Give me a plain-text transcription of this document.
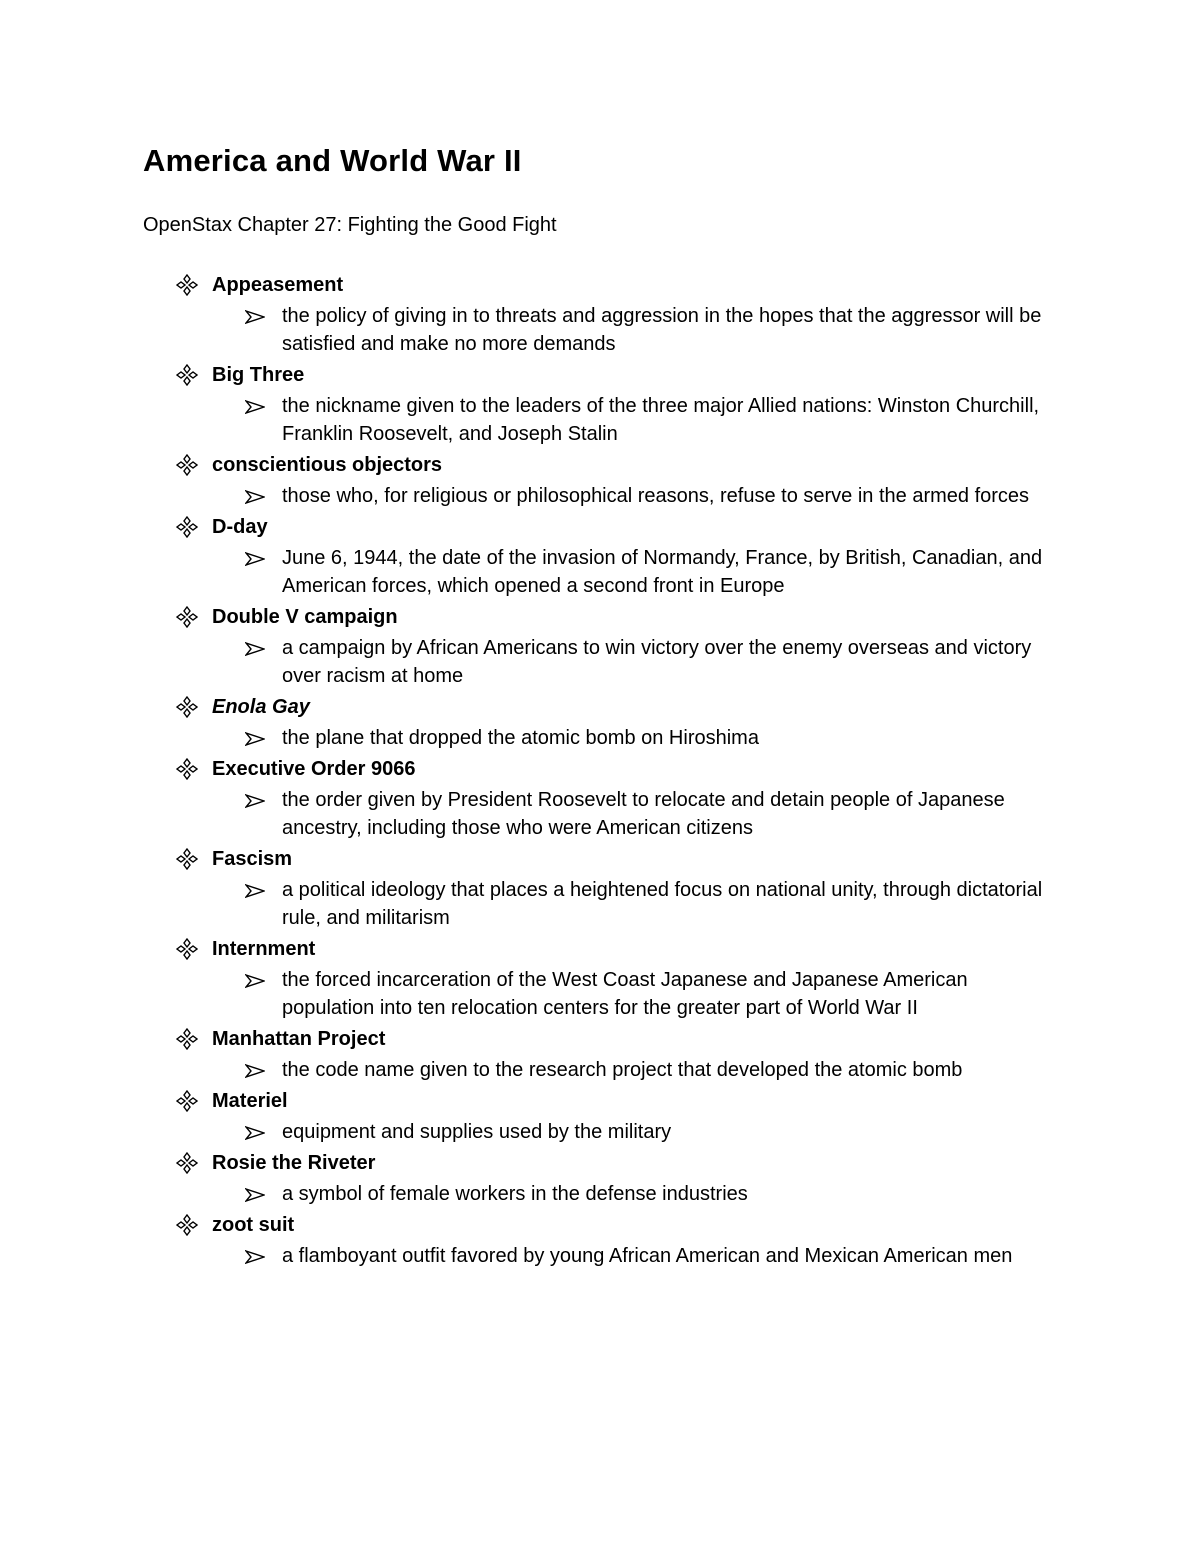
America and World War II

OpenStax Chapter 27: Fighting the Good Fight

Appeasement
the policy of giving in to threats and aggression in the hopes that the aggressor will be satisfied and make no more demands
Big Three
the nickname given to the leaders of the three major Allied nations: Winston Churchill, Franklin Roosevelt, and Joseph Stalin
conscientious objectors
those who, for religious or philosophical reasons, refuse to serve in the armed forces
D-day
June 6, 1944, the date of the invasion of Normandy, France, by British, Canadian, and American forces, which opened a second front in Europe
Double V campaign
a campaign by African Americans to win victory over the enemy overseas and victory over racism at home
Enola Gay
the plane that dropped the atomic bomb on Hiroshima
Executive Order 9066
the order given by President Roosevelt to relocate and detain people of Japanese ancestry, including those who were American citizens
Fascism
a political ideology that places a heightened focus on national unity, through dictatorial rule, and militarism
Internment
the forced incarceration of the West Coast Japanese and Japanese American population into ten relocation centers for the greater part of World War II
Manhattan Project
the code name given to the research project that developed the atomic bomb
Materiel
equipment and supplies used by the military
Rosie the Riveter
a symbol of female workers in the defense industries
zoot suit
a flamboyant outfit favored by young African American and Mexican American men
